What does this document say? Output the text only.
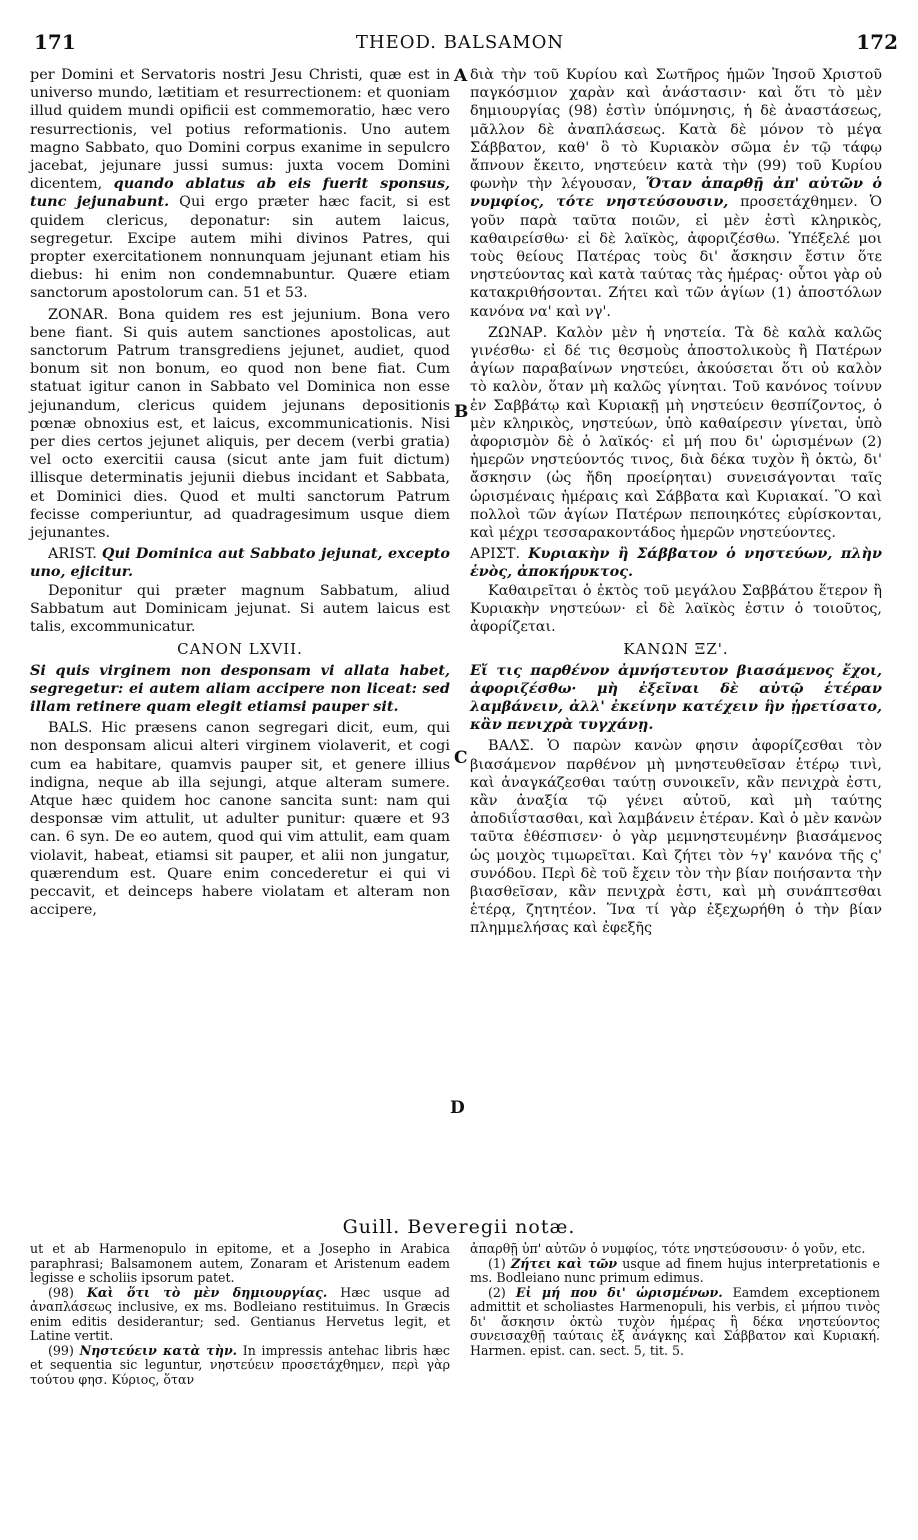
171	THEOD. BALSAMON	172
A
B
C
D

per Domini et Servatoris nostri Jesu Christi, quæ est in universo mundo, lætitiam et resurrectionem: et quoniam illud quidem mundi opificii est commemoratio, hæc vero resurrectionis, vel potius reformationis. Uno autem magno Sabbato, quo Domini corpus exanime in sepulcro jacebat, jejunare jussi sumus: juxta vocem Domini dicentem, quando ablatus ab eis fuerit sponsus, tunc jejunabunt. Qui ergo præter hæc facit, si est quidem clericus, deponatur: sin autem laicus, segregetur. Excipe autem mihi divinos Patres, qui propter exercitationem nonnunquam jejunant etiam his diebus: hi enim non condemnabuntur. Quære etiam sanctorum apostolorum can. 51 et 53.

ZONAR. Bona quidem res est jejunium. Bona vero bene fiant. Si quis autem sanctiones apostolicas, aut sanctorum Patrum transgrediens jejunet, audiet, quod bonum sit non bonum, eo quod non bene fiat. Cum statuat igitur canon in Sabbato vel Dominica non esse jejunandum, clericus quidem jejunans depositionis pœnæ obnoxius est, et laicus, excommunicationis. Nisi per dies certos jejunet aliquis, per decem (verbi gratia) vel octo exercitii causa (sicut ante jam fuit dictum) illisque determinatis jejunii diebus incidant et Sabbata, et Dominici dies. Quod et multi sanctorum Patrum fecisse comperiuntur, ad quadragesimum usque diem jejunantes.

ARIST. Qui Dominica aut Sabbato jejunat, excepto uno, ejicitur.

Deponitur qui præter magnum Sabbatum, aliud Sabbatum aut Dominicam jejunat. Si autem laicus est talis, excommunicatur.

CANON LXVII.

Si quis virginem non desponsam vi allata habet, segregetur: ei autem aliam accipere non liceat: sed illam retinere quam elegit etiamsi pauper sit.

BALS. Hic præsens canon segregari dicit, eum, qui non desponsam alicui alteri virginem violaverit, et cogi cum ea habitare, quamvis pauper sit, et genere illius indigna, neque ab illa sejungi, atque alteram sumere. Atque hæc quidem hoc canone sancita sunt: nam qui desponsæ vim attulit, ut adulter punitur: quære et 93 can. 6 syn. De eo autem, quod qui vim attulit, eam quam violavit, habeat, etiamsi sit pauper, et alii non jungatur, quærendum est. Quare enim concederetur ei qui vi peccavit, et deinceps habere violatam et alteram non accipere,

διὰ τὴν τοῦ Κυρίου καὶ Σωτῆρος ἡμῶν Ἰησοῦ Χριστοῦ παγκόσμιον χαρὰν καὶ ἀνάστασιν· καὶ ὅτι τὸ μὲν δημιουργίας (98) ἐστὶν ὑπόμνησις, ἡ δὲ ἀναστάσεως, μᾶλλον δὲ ἀναπλάσεως. Κατὰ δὲ μόνον τὸ μέγα Σάββατον, καθ' ὃ τὸ Κυριακὸν σῶμα ἐν τῷ τάφῳ ἄπνουν ἔκειτο, νηστεύειν κατὰ τὴν (99) τοῦ Κυρίου φωνὴν τὴν λέγουσαν, Ὅταν ἀπαρθῇ ἀπ' αὐτῶν ὁ νυμφίος, τότε νηστεύσουσιν, προσετάχθημεν. Ὁ γοῦν παρὰ ταῦτα ποιῶν, εἰ μὲν ἐστὶ κληρικὸς, καθαιρείσθω· εἰ δὲ λαϊκὸς, ἀφοριζέσθω. Ὑπέξελέ μοι τοὺς θείους Πατέρας τοὺς δι' ἄσκησιν ἔστιν ὅτε νηστεύοντας καὶ κατὰ ταύτας τὰς ἡμέρας· οὗτοι γὰρ οὐ κατακριθήσονται. Ζήτει καὶ τῶν ἁγίων (1) ἀποστόλων κανόνα να' καὶ νγ'.

ΖΩΝΑΡ. Καλὸν μὲν ἡ νηστεία. Τὰ δὲ καλὰ καλῶς γινέσθω· εἰ δέ τις θεσμοὺς ἀποστολικοὺς ἢ Πατέρων ἁγίων παραβαίνων νηστεύει, ἀκούσεται ὅτι οὐ καλὸν τὸ καλὸν, ὅταν μὴ καλῶς γίνηται. Τοῦ κανόνος τοίνυν ἐν Σαββάτῳ καὶ Κυριακῇ μὴ νηστεύειν θεσπίζοντος, ὁ μὲν κληρικὸς, νηστεύων, ὑπὸ καθαίρεσιν γίνεται, ὑπὸ ἀφορισμὸν δὲ ὁ λαϊκός· εἰ μή που δι' ὡρισμένων (2) ἡμερῶν νηστεύοντός τινος, διὰ δέκα τυχὸν ἢ ὀκτὼ, δι' ἄσκησιν (ὡς ἤδη προείρηται) συνεισάγονται ταῖς ὡρισμέναις ἡμέραις καὶ Σάββατα καὶ Κυριακαί. Ὃ καὶ πολλοὶ τῶν ἁγίων Πατέρων πεποιηκότες εὑρίσκονται, καὶ μέχρι τεσσαρακοντάδος ἡμερῶν νηστεύοντες.

ΑΡΙΣΤ. Κυριακὴν ἢ Σάββατον ὁ νηστεύων, πλὴν ἑνὸς, ἀποκήρυκτος.

Καθαιρεῖται ὁ ἐκτὸς τοῦ μεγάλου Σαββάτου ἕτερον ἢ Κυριακὴν νηστεύων· εἰ δὲ λαϊκὸς ἐστιν ὁ τοιοῦτος, ἀφορίζεται.

ΚΑΝΩΝ ΞΖ'.

Εἴ τις παρθένον ἀμνήστευτον βιασάμενος ἔχοι, ἀφοριζέσθω· μὴ ἐξεῖναι δὲ αὐτῷ ἑτέραν λαμβάνειν, ἀλλ' ἐκείνην κατέχειν ἣν ᾑρετίσατο, κἂν πενιχρὰ τυγχάνῃ.

ΒΑΛΣ. Ὁ παρὼν κανὼν φησιν ἀφορίζεσθαι τὸν βιασάμενον παρθένον μὴ μνηστευθεῖσαν ἑτέρῳ τινὶ, καὶ ἀναγκάζεσθαι ταύτῃ συνοικεῖν, κἂν πενιχρὰ ἐστι, κἂν ἀναξία τῷ γένει αὐτοῦ, καὶ μὴ ταύτης ἀποδιΐστασθαι, καὶ λαμβάνειν ἑτέραν. Καὶ ὁ μὲν κανὼν ταῦτα ἐθέσπισεν· ὁ γὰρ μεμνηστευμένην βιασάμενος ὡς μοιχὸς τιμωρεῖται. Καὶ ζήτει τὸν ϟγ' κανόνα τῆς ς' συνόδου. Περὶ δὲ τοῦ ἔχειν τὸν τὴν βίαν ποιήσαντα τὴν βιασθεῖσαν, κἂν πενιχρὰ ἐστι, καὶ μὴ συνάπτεσθαι ἑτέρᾳ, ζητητέον. Ἵνα τί γὰρ ἐξεχωρήθη ὁ τὴν βίαν πλημμελήσας καὶ ἐφεξῆς

Guill. Beveregii notæ.

ut et ab Harmenopulo in epitome, et a Josepho in Arabica paraphrasi; Balsamonem autem, Zonaram et Aristenum eadem legisse e scholiis ipsorum patet.

(98) Καὶ ὅτι τὸ μὲν δημιουργίας. Hæc usque ad ἀναπλάσεως inclusive, ex ms. Bodleiano restituimus. In Græcis enim editis desiderantur; sed. Gentianus Hervetus legit, et Latine vertit.

(99) Νηστεύειν κατὰ τὴν. In impressis antehac libris hæc et sequentia sic leguntur, νηστεύειν προσετάχθημεν, περὶ γὰρ τούτου φησ. Κύριος, ὅταν

ἀπαρθῇ ὑπ' αὐτῶν ὁ νυμφίος, τότε νηστεύσουσιν· ὁ γοῦν, etc.

(1) Ζήτει καὶ τῶν usque ad finem hujus interpretationis e ms. Bodleiano nunc primum edimus.

(2) Εἰ μή που δι' ὡρισμένων. Eamdem exceptionem admittit et scholiastes Harmenopuli, his verbis, εἰ μήπου τινὸς δι' ἄσκησιν ὀκτὼ τυχὸν ἡμέρας ἢ δέκα νηστεύοντος συνεισαχθῇ ταύταις ἐξ ἀνάγκης καὶ Σάββατον καὶ Κυριακή. Harmen. epist. can. sect. 5, tit. 5.
